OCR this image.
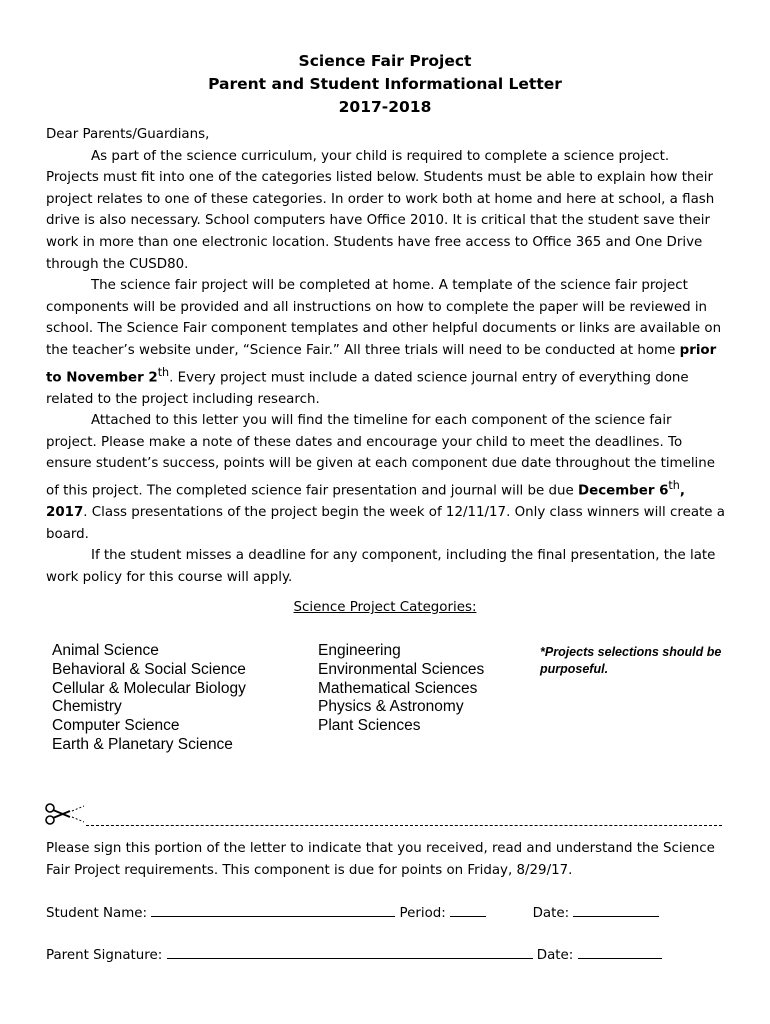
Science Fair Project
Parent and Student Informational Letter
2017-2018

Dear Parents/Guardians,

As part of the science curriculum, your child is required to complete a science project. Projects must fit into one of the categories listed below. Students must be able to explain how their project relates to one of these categories. In order to work both at home and here at school, a flash drive is also necessary. School computers have Office 2010. It is critical that the student save their work in more than one electronic location. Students have free access to Office 365 and One Drive through the CUSD80.

The science fair project will be completed at home. A template of the science fair project components will be provided and all instructions on how to complete the paper will be reviewed in school. The Science Fair component templates and other helpful documents or links are available on the teacher’s website under, “Science Fair.” All three trials will need to be conducted at home prior to November 2th. Every project must include a dated science journal entry of everything done related to the project including research.

Attached to this letter you will find the timeline for each component of the science fair project. Please make a note of these dates and encourage your child to meet the deadlines. To ensure student’s success, points will be given at each component due date throughout the timeline of this project. The completed science fair presentation and journal will be due December 6th, 2017. Class presentations of the project begin the week of 12/11/17. Only class winners will create a board.

If the student misses a deadline for any component, including the final presentation, the late work policy for this course will apply.

Science Project Categories:
Animal Science
Behavioral & Social Science
Cellular & Molecular Biology
Chemistry
Computer Science
Earth & Planetary Science
Engineering
Environmental Sciences
Mathematical Sciences
Physics & Astronomy
Plant Sciences
*Projects selections should be purposeful.
Please sign this portion of the letter to indicate that you received, read and understand the Science Fair Project requirements. This component is due for points on Friday, 8/29/17.
Student Name:	Period:	Date:
Parent Signature:	Date:
